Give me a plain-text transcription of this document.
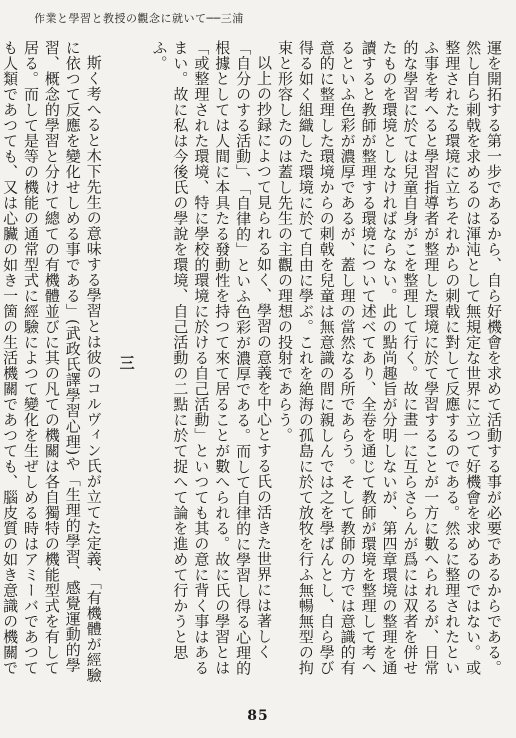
作業と學習と教授の觀念に就いて──三浦

運を開拓する第一步であるから、自ら好機會を求めて活動する事が必要であるからである。然し自ら刺戟を求めるのは渾沌として無規定な世界に立つて好機會を求めるのではない。或整理されたる環境に立ちそれからの刺戟に對して反應するのである。然るに整理されたといふ事を考へると學習指導者が整理した環境に於て學習することが一方に數へられるが、日常的な學習に於ては兒童自身がこを整理して行く。故に畫一に互らさらんが爲には双者を併せたものを環境としなければならない。此の點尚趣旨が分明しないが、第四章環境の整理を通讀すると教師が整理する環境について述べてあり、全卷を通じて教師が環境を整理して考へるといふ色彩が濃厚であるが、蓋し理の當然なる所であらう。そして教師の方では意識的有意的に整理した環境からの刺戟を兒童は無意識の間に親しんでは之を學ばんとし、自ら學び得る如く組織した環境に於て自由に學ぶ。これを絶海の孤島に於て放牧を行ふ無暢無型の拘束と形容したのは蓋し先生の主觀の理想の投射であらう。

以上の抄録によつて見られる如く、學習の意義を中心とする氏の活きた世界には著しく「自分のする活動」、「自律的」といふ色彩が濃厚である。而して自律的に學習し得る心理的根據としては人間に本具たる發動性を持つて來て居ることが數へられる。故に氏の學習とは「或整理された環境、特に學校的環境に於ける自己活動」といつても其の意に背く事はあるまい。故に私は今後氏の學說を環境、自己活動の二點に於て捉へて論を進めて行かうと思ふ。

三

斯く考へると木下先生の意味する學習とは彼のコルヴィン氏が立てた定義、「有機體が經驗に依つて反應を變化せしめる事である」(武政氏譯學習心理)や「生理的學習、感覺運動的學習、概念的學習と分けて總ての有機體並びに其の凡ての機關は各自獨特の機能型式を有して居る。而して是等の機能の通常型式に經驗によつて變化を生ぜしめる時はアミーバであつても人類であつても、又は心臟の如き一箇の生活機關であつても、腦皮質の如き意識の機關で

85
